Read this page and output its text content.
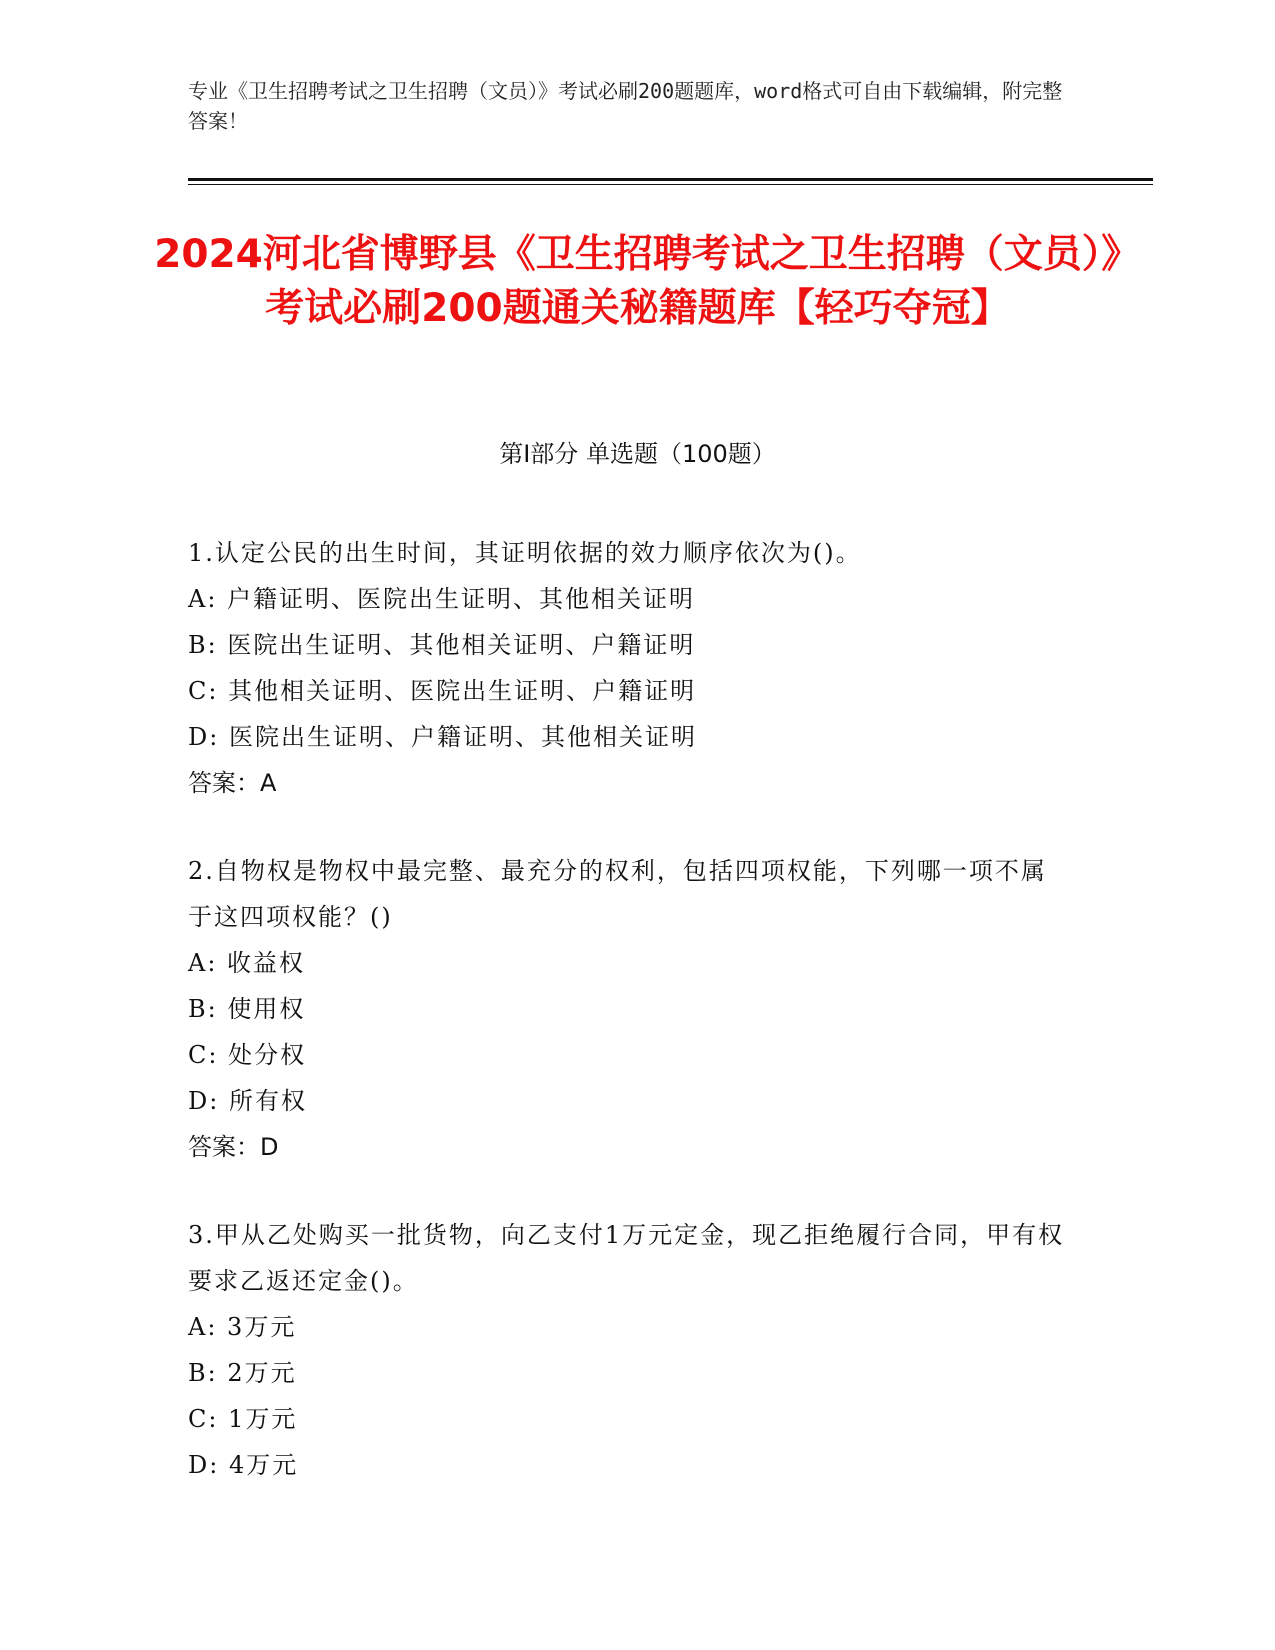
专业《卫生招聘考试之卫生招聘（文员）》考试必刷200题题库，word格式可自由下载编辑，附完整答案！
2024河北省博野县《卫生招聘考试之卫生招聘（文员）》考试必刷200题通关秘籍题库【轻巧夺冠】
第I部分 单选题（100题）
1.认定公民的出生时间，其证明依据的效力顺序依次为()。
A: 户籍证明、医院出生证明、其他相关证明
B: 医院出生证明、其他相关证明、户籍证明
C: 其他相关证明、医院出生证明、户籍证明
D: 医院出生证明、户籍证明、其他相关证明
答案：A
2.自物权是物权中最完整、最充分的权利，包括四项权能，下列哪一项不属于这四项权能？()
A: 收益权
B: 使用权
C: 处分权
D: 所有权
答案：D
3.甲从乙处购买一批货物，向乙支付1万元定金，现乙拒绝履行合同，甲有权要求乙返还定金()。
A: 3万元
B: 2万元
C: 1万元
D: 4万元
